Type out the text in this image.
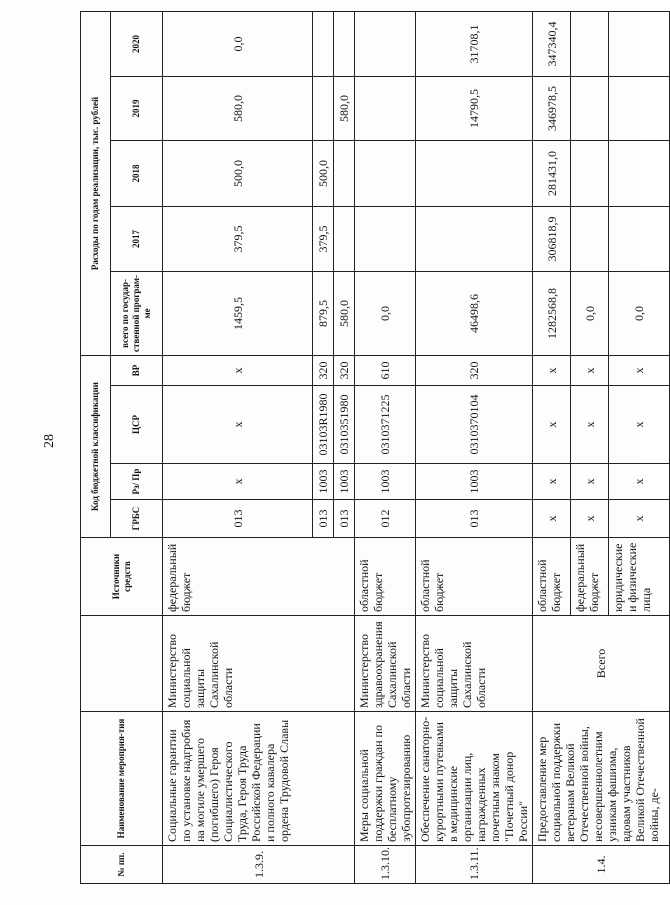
28
№ пп.	Наименование мероприя-тия		Источники средств	Код бюджетной классификации				Расходы по годам реализации, тыс. рублей				
				ГРБС	Рз/ Пр	ЦСР	ВР	всего по государ-ственной програм-ме	2017	2018	2019	2020
1.3.9.	Социальные гарантии по установке надгробия на могиле умершего (погибшего) Героя Социалистического Труда, Героя Труда Российской Федерации и полного кавалера ордена Трудовой Славы	Министерство социальной защиты Сахалинской области	федеральный бюджет	013	х	х	х	1459,5	379,5	500,0	580,0	0,0
				013	1003	03103R1980	320	879,5	379,5	500,0		
				013	1003	0310351980	320	580,0			580,0	
1.3.10.	Меры социальной поддержки граждан по бесплатному зубопротезированию	Министерство здравоохранения Сахалинской области	областной бюджет	012	1003	0310371225	610	0,0				
1.3.11.	Обеспечение санаторно-курортными путевками в медицинские организации лиц, награжденных почетным знаком "Почетный донор России"	Министерство социальной защиты Сахалинской области	областной бюджет	013	1003	0310370104	320	46498,6			14790,5	31708,1
1.4.	Предоставление мер социальной поддержки ветеранам Великой Отечественной войны, несовершеннолетним узникам фашизма, вдовам участников Великой Отечественной войны, де-	Всего	областной бюджет	х	х	х	х	1282568,8	306818,9	281431,0	346978,5	347340,4
			федеральный бюджет	х	х	х	х	0,0				
			юридические и физические лица	х	х	х	х	0,0				
